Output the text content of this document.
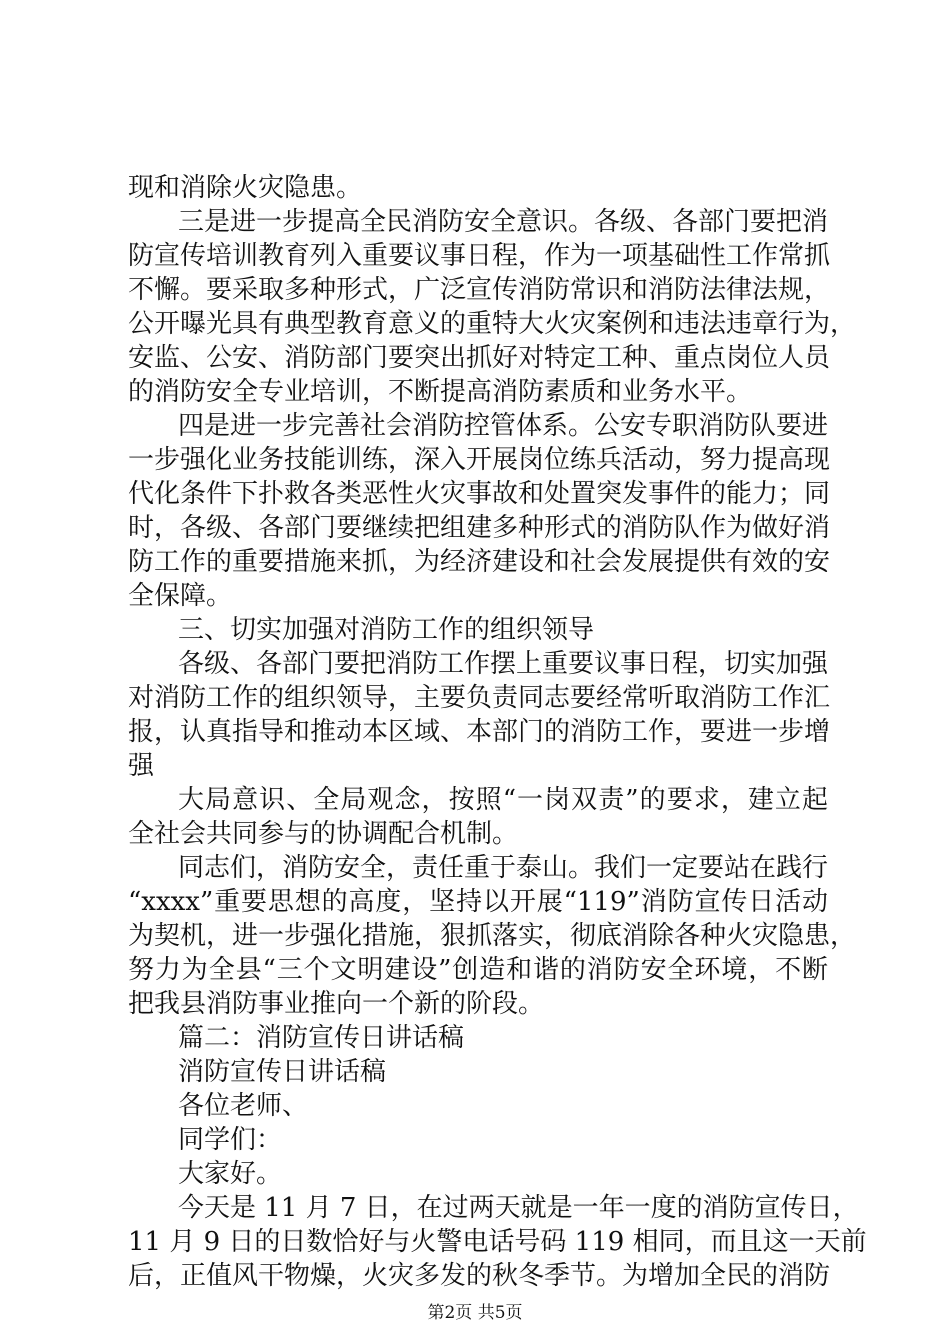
现和消除火灾隐患。
三是进一步提高全民消防安全意识。各级、各部门要把消
防宣传培训教育列入重要议事日程，作为一项基础性工作常抓
不懈。要采取多种形式，广泛宣传消防常识和消防法律法规，
公开曝光具有典型教育意义的重特大火灾案例和违法违章行为，
安监、公安、消防部门要突出抓好对特定工种、重点岗位人员
的消防安全专业培训，不断提高消防素质和业务水平。
四是进一步完善社会消防控管体系。公安专职消防队要进
一步强化业务技能训练，深入开展岗位练兵活动，努力提高现
代化条件下扑救各类恶性火灾事故和处置突发事件的能力；同
时，各级、各部门要继续把组建多种形式的消防队作为做好消
防工作的重要措施来抓，为经济建设和社会发展提供有效的安
全保障。
三、切实加强对消防工作的组织领导
各级、各部门要把消防工作摆上重要议事日程，切实加强
对消防工作的组织领导，主要负责同志要经常听取消防工作汇
报，认真指导和推动本区域、本部门的消防工作，要进一步增
强
大局意识、全局观念，按照“一岗双责”的要求，建立起
全社会共同参与的协调配合机制。
同志们，消防安全，责任重于泰山。我们一定要站在践行
“xxxx”重要思想的高度，坚持以开展“119”消防宣传日活动
为契机，进一步强化措施，狠抓落实，彻底消除各种火灾隐患，
努力为全县“三个文明建设”创造和谐的消防安全环境，不断
把我县消防事业推向一个新的阶段。
篇二：消防宣传日讲话稿
消防宣传日讲话稿
各位老师、
同学们：
大家好。
今天是 11 月 7 日，在过两天就是一年一度的消防宣传日，
11 月 9 日的日数恰好与火警电话号码 119 相同，而且这一天前
后，正值风干物燥，火灾多发的秋冬季节。为增加全民的消防
第2页 共5页
